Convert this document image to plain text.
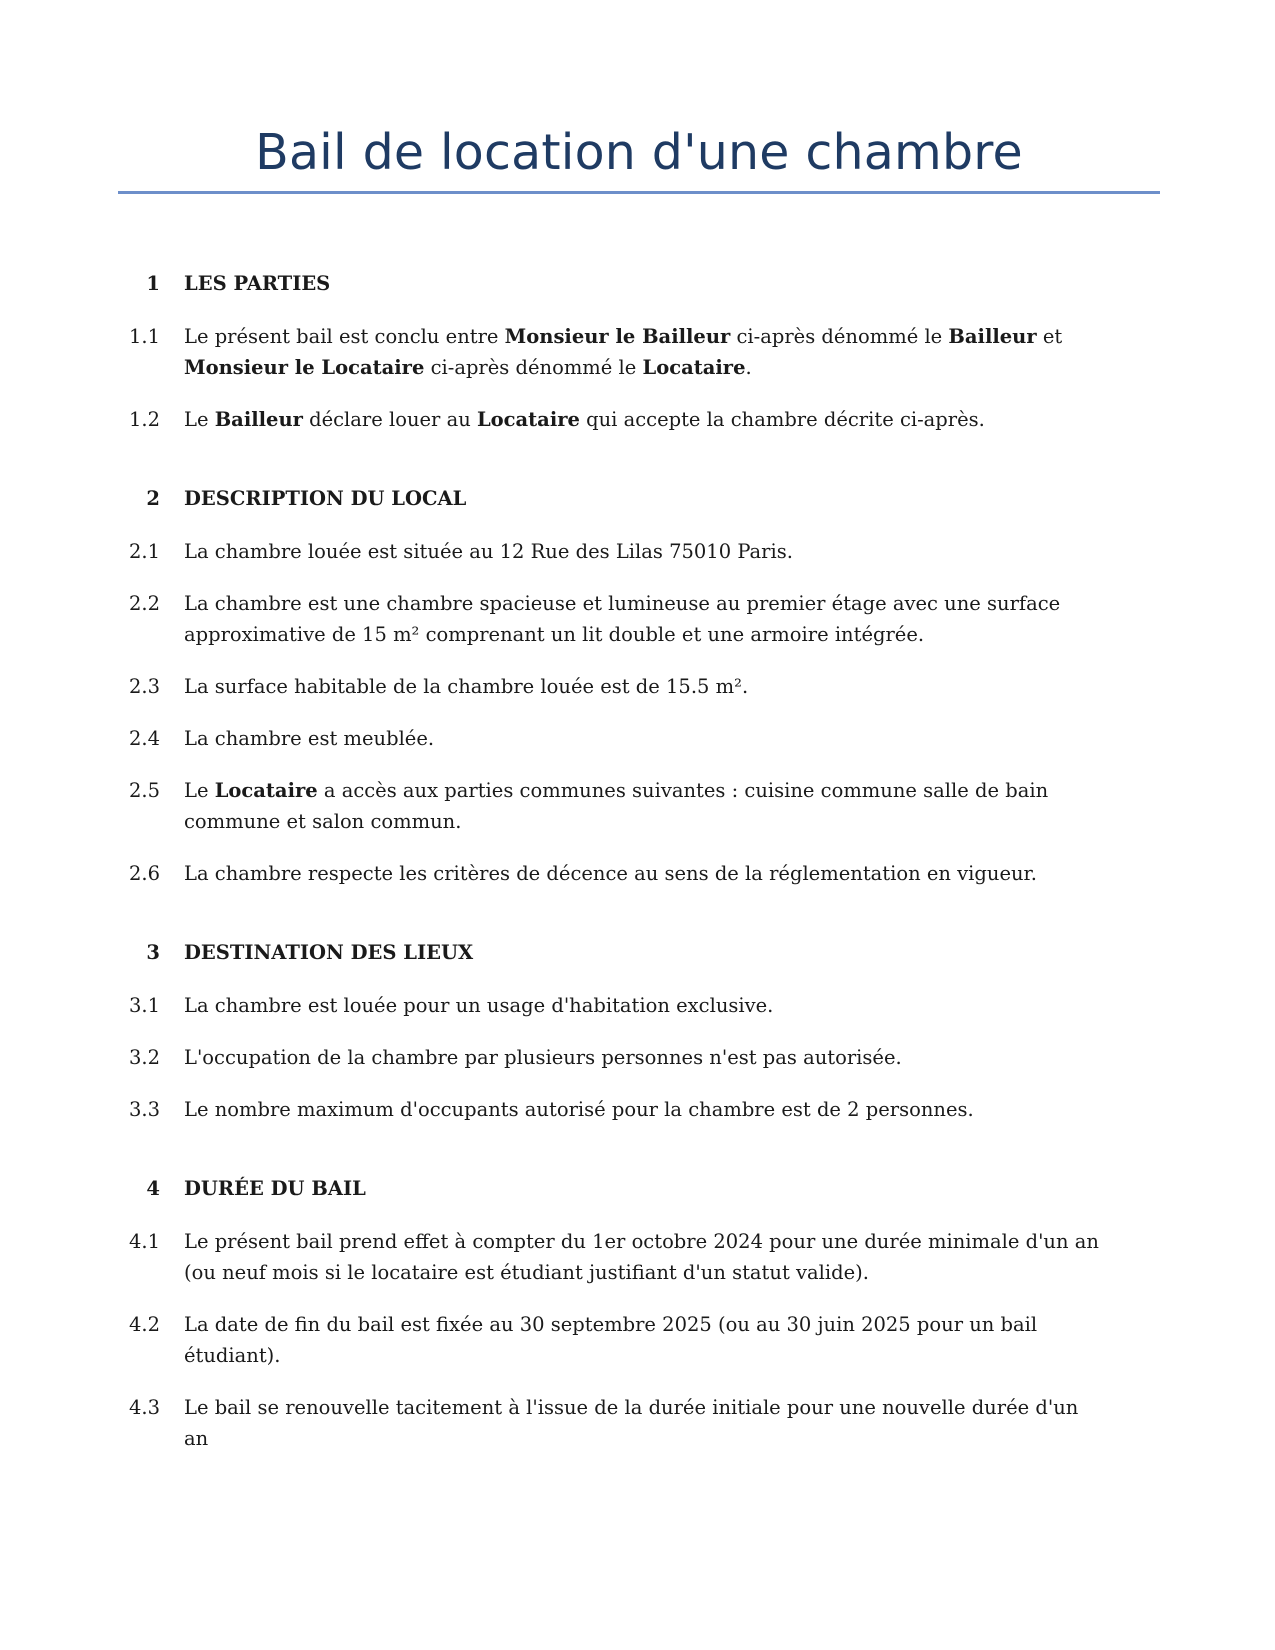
Bail de location d'une chambre
1	LES PARTIES
1.1	Le présent bail est conclu entre Monsieur le Bailleur ci-après dénommé le Bailleur et Monsieur le Locataire ci-après dénommé le Locataire.
1.2	Le Bailleur déclare louer au Locataire qui accepte la chambre décrite ci-après.
2	DESCRIPTION DU LOCAL
2.1	La chambre louée est située au 12 Rue des Lilas 75010 Paris.
2.2	La chambre est une chambre spacieuse et lumineuse au premier étage avec une surface approximative de 15 m² comprenant un lit double et une armoire intégrée.
2.3	La surface habitable de la chambre louée est de 15.5 m².
2.4	La chambre est meublée.
2.5	Le Locataire a accès aux parties communes suivantes : cuisine commune salle de bain commune et salon commun.
2.6	La chambre respecte les critères de décence au sens de la réglementation en vigueur.
3	DESTINATION DES LIEUX
3.1	La chambre est louée pour un usage d'habitation exclusive.
3.2	L'occupation de la chambre par plusieurs personnes n'est pas autorisée.
3.3	Le nombre maximum d'occupants autorisé pour la chambre est de 2 personnes.
4	DURÉE DU BAIL
4.1	Le présent bail prend effet à compter du 1er octobre 2024 pour une durée minimale d'un an (ou neuf mois si le locataire est étudiant justifiant d'un statut valide).
4.2	La date de fin du bail est fixée au 30 septembre 2025 (ou au 30 juin 2025 pour un bail étudiant).
4.3	Le bail se renouvelle tacitement à l'issue de la durée initiale pour une nouvelle durée d'un an
